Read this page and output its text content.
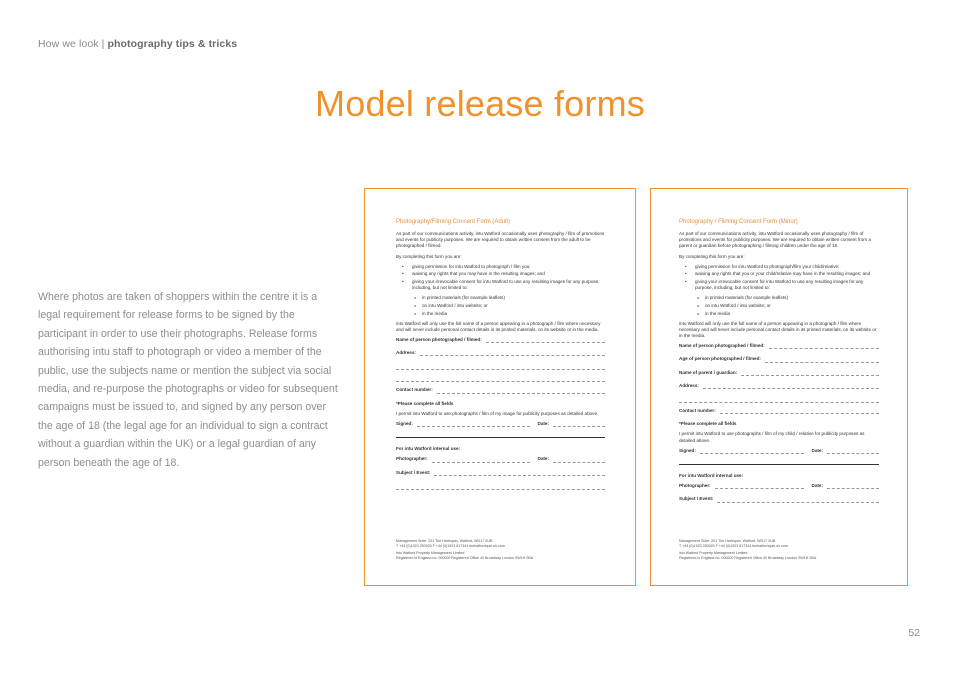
How we look | photography tips & tricks
Model release forms

Where photos are taken of shoppers within the centre it is a legal requirement for release forms to be signed by the participant in order to use their photographs. Release forms authorising intu staff to photograph or video a member of the public, use the subjects name or mention the subject via social media, and re-purpose the photographs or video for subsequent campaigns must be issued to, and signed by any person over the age of 18 (the legal age for an individual to sign a contract without a guardian within the UK) or a legal guardian of any person beneath the age of 18.

Photography/Filming Consent Form (Adult)

As part of our communications activity, intu Watford occasionally uses photography / film of promotions and events for publicity purposes. We are required to obtain written consent from the adult to be photographed / filmed.

By completing this form you are:

• giving permission for intu Watford to photograph / film you;
• waiving any rights that you may have in the resulting images; and
• giving your irrevocable consent for intu Watford to use any resulting images for any purpose, including, but not limited to:
o in printed materials (for example leaflets)
o on intu Watford / intu website; or
o in the media

intu Watford will only use the full name of a person appearing in a photograph / film where necessary and will never include personal contact details in its printed materials, on its website or in the media.

Name of person photographed / filmed:
Address:
Contact number:

*Please complete all fields

I permit intu Watford to use photographs / film of my image for publicity purposes as detailed above.

Signed:	Date:

For intu Watford internal use:

Photographer:	Date:
Subject / Event:
Management Suite, 201 The Harlequin, Watford, WD17 2UB
T +44 (0)1923 250925 F +44 (0)1923 817344 thehatfordquin.uk.com
intu Watford Property Management Limited
Registered in England no. 000000 Registered Office 40 Broadway London SW1H 0BU
Photography / Filming Consent Form (Minor)

As part of our communications activity, intu Watford occasionally uses photography / film of promotions and events for publicity purposes. We are required to obtain written consent from a parent or guardian before photographing / filming children under the age of 18.

By completing this form you are:

• giving permission for intu Watford to photograph/film your child/relative;
• waiving any rights that you or your child/relative may have in the resulting images; and
• giving your irrevocable consent for intu Watford to use any resulting images for any purpose, including, but not limited to:
o in printed materials (for example leaflets)
o on intu Watford / intu website; or
o in the media

intu Watford will only use the full name of a person appearing in a photograph / film where necessary and will never include personal contact details in its printed materials, on its website or in the media.

Name of person photographed / filmed:
Age of person photographed / filmed:
Name of parent / guardian:
Address:
Contact number:

*Please complete all fields

I permit intu Watford to use photographs / film of my child / relative for publicity purposes as detailed above.

Signed:	Date:

For intu Watford internal use:

Photographer:	Date:
Subject / Event:
Management Suite, 201 The Harlequin, Watford, WD17 2UB
T +44 (0)1923 250925 F +44 (0)1923 817344 thehatfordquin.uk.com
intu Watford Property Management Limited
Registered in England no. 000000 Registered Office 40 Broadway London SW1H 0BU
52
